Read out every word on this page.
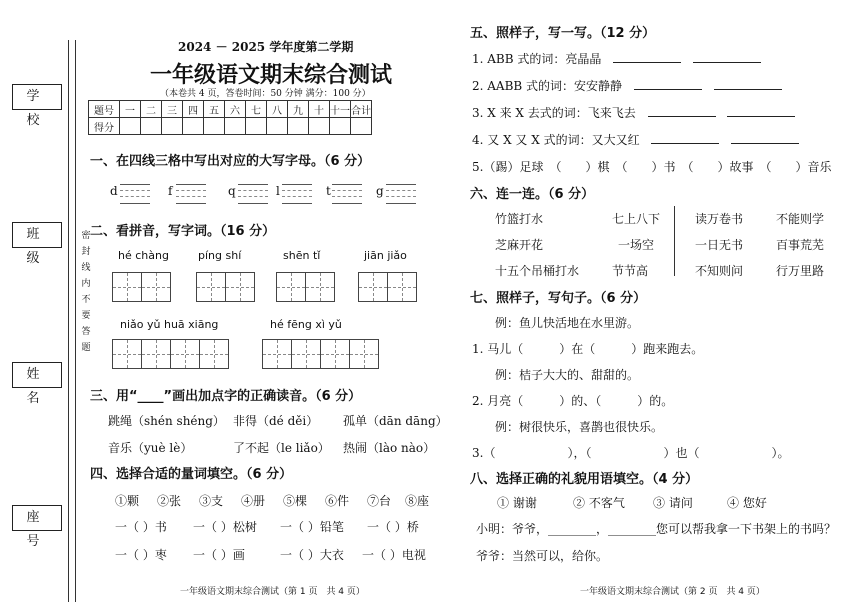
学 校
班 级
姓 名
座 号
密封线内不要答题
2024 － 2025 学年度第二学期
一年级语文期末综合测试
（本卷共 4 页，答卷时间：50 分钟 满分：100 分）
题号	一	二	三	四	五	六	七	八	九	十	十一	合计
得分												
一、在四线三格中写出对应的大写字母。（6 分）
d	f	q	l	t	g
二、看拼音，写字词。（16 分）
hé chàng	píng shí	shēn tǐ	jiān jiǎo
niǎo yǔ huā xiāng	hé fēng xì yǔ
三、用“____”画出加点字的正确读音。（6 分）
跳绳（shén shéng） 非得（dé děi） 孤单（dān dāng）
音乐（yuè lè）	了不起（le liǎo） 热闹（lào nào）
四、选择合适的量词填空。（6 分）
①颗 ②张 ③支 ④册 ⑤棵 ⑥件 ⑦台 ⑧座
一（ ）书 一（ ）松树 一（ ）铅笔 一（ ）桥
一（ ）枣 一（ ）画	一（ ）大衣 一（ ）电视
一年级语文期末综合测试（第 1 页　共 4 页）
五、照样子，写一写。（12 分）
1. ABB 式的词：亮晶晶
2. AABB 式的词：安安静静
3. X 来 X 去式的词：飞来飞去
4. 又 X 又 X 式的词：又大又红
5.（踢）足球　（　　）棋　（　　）书　（　　）故事　（　　）音乐
六、连一连。（6 分）
竹篮打水
芝麻开花
十五个吊桶打水
七上八下
一场空
节节高
读万卷书
一日无书
不知则问
不能则学
百事荒芜
行万里路
七、照样子，写句子。（6 分）
例：鱼儿快活地在水里游。
1. 马儿（　　　）在（　　　）跑来跑去。
例：桔子大大的、甜甜的。
2. 月亮（　　　）的、（　　　）的。
例：树很快乐，喜鹊也很快乐。
3.（　　　　　　），（　　　　　　）也（　　　　　　）。
八、选择正确的礼貌用语填空。（4 分）
① 谢谢	② 不客气 ③ 请问	④ 您好
小明：爷爷，________，________您可以帮我拿一下书架上的书吗？
爷爷：当然可以，给你。
一年级语文期末综合测试（第 2 页　共 4 页）
